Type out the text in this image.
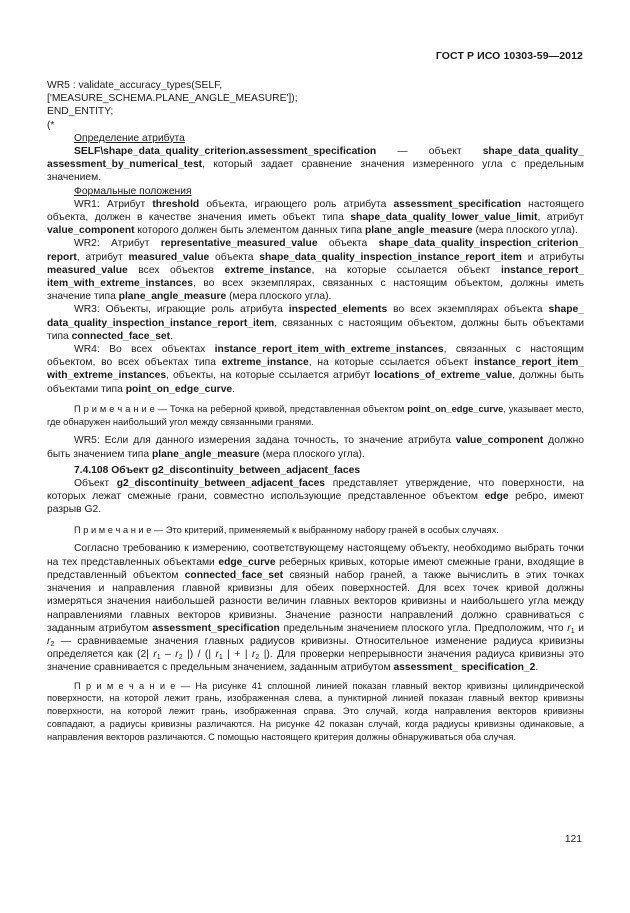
ГОСТ Р ИСО 10303-59—2012
WR5 : validate_accuracy_types(SELF,
['MEASURE_SCHEMA.PLANE_ANGLE_MEASURE']);
END_ENTITY;
(*
Определение атрибута

SELF\shape_data_quality_criterion.assessment_specification — объект shape_data_quality_ assessment_by_numerical_test, который задает сравнение значения измеренного угла с предельным значением.

Формальные положения

WR1: Атрибут threshold объекта, играющего роль атрибута assessment_specification настоящего объекта, должен в качестве значения иметь объект типа shape_data_quality_lower_value_limit, атрибут value_component которого должен быть элементом данных типа plane_angle_measure (мера плоского угла).

WR2: Атрибут representative_measured_value объекта shape_data_quality_inspection_criterion_ report, атрибут measured_value объекта shape_data_quality_inspection_instance_report_item и атрибуты measured_value всех объектов extreme_instance, на которые ссылается объект instance_report_ item_with_extreme_instances, во всех экземплярах, связанных с настоящим объектом, должны иметь значение типа plane_angle_measure (мера плоского угла).

WR3: Объекты, играющие роль атрибута inspected_elements во всех экземплярах объекта shape_ data_quality_inspection_instance_report_item, связанных с настоящим объектом, должны быть объектами типа connected_face_set.

WR4: Во всех объектах instance_report_item_with_extreme_instances, связанных с настоящим объектом, во всех объектах типа extreme_instance, на которые ссылается объект instance_report_item_ with_extreme_instances, объекты, на которые ссылается атрибут locations_of_extreme_value, должны быть объектами типа point_on_edge_curve.

П р и м е ч а н и е — Точка на реберной кривой, представленная объектом point_on_edge_curve, указывает место, где обнаружен наибольший угол между связанными гранями.

WR5: Если для данного измерения задана точность, то значение атрибута value_component должно быть значением типа plane_angle_measure (мера плоского угла).

7.4.108 Объект g2_discontinuity_between_adjacent_faces

Объект g2_discontinuity_between_adjacent_faces представляет утверждение, что поверхности, на которых лежат смежные грани, совместно использующие представленное объектом edge ребро, имеют разрыв G2.

П р и м е ч а н и е — Это критерий, применяемый к выбранному набору граней в особых случаях.

Согласно требованию к измерению, соответствующему настоящему объекту, необходимо выбрать точки на тех представленных объектами edge_curve реберных кривых, которые имеют смежные грани, входящие в представленный объектом connected_face_set связный набор граней, а также вычислить в этих точках значения и направления главной кривизны для обеих поверхностей. Для всех точек кривой должны измеряться значения наибольшей разности величин главных векторов кривизны и наибольшего угла между направлениями главных векторов кривизны. Значение разности направлений должно сравниваться с заданным атрибутом assessment_specification предельным значением плоского угла. Предположим, что $r_1$ и $r_2$ — сравниваемые значения главных радиусов кривизны. Относительное изменение радиуса кривизны определяется как (2| $r_1 - r_2$ |) / (| $r_1$ | + | $r_2$ |). Для проверки непрерывности значения радиуса кривизны это значение сравнивается с предельным значением, заданным атрибутом assessment_ specification_2.

П р и м е ч а н и е — На рисунке 41 сплошной линией показан главный вектор кривизны цилиндрической поверхности, на которой лежит грань, изображенная слева, а пунктирной линией показан главный вектор кривизны поверхности, на которой лежит грань, изображенная справа. Это случай, когда направления векторов кривизны совпадают, а радиусы кривизны различаются. На рисунке 42 показан случай, когда радиусы кривизны одинаковые, а направления векторов различаются. С помощью настоящего критерия должны обнаруживаться оба случая.

121
